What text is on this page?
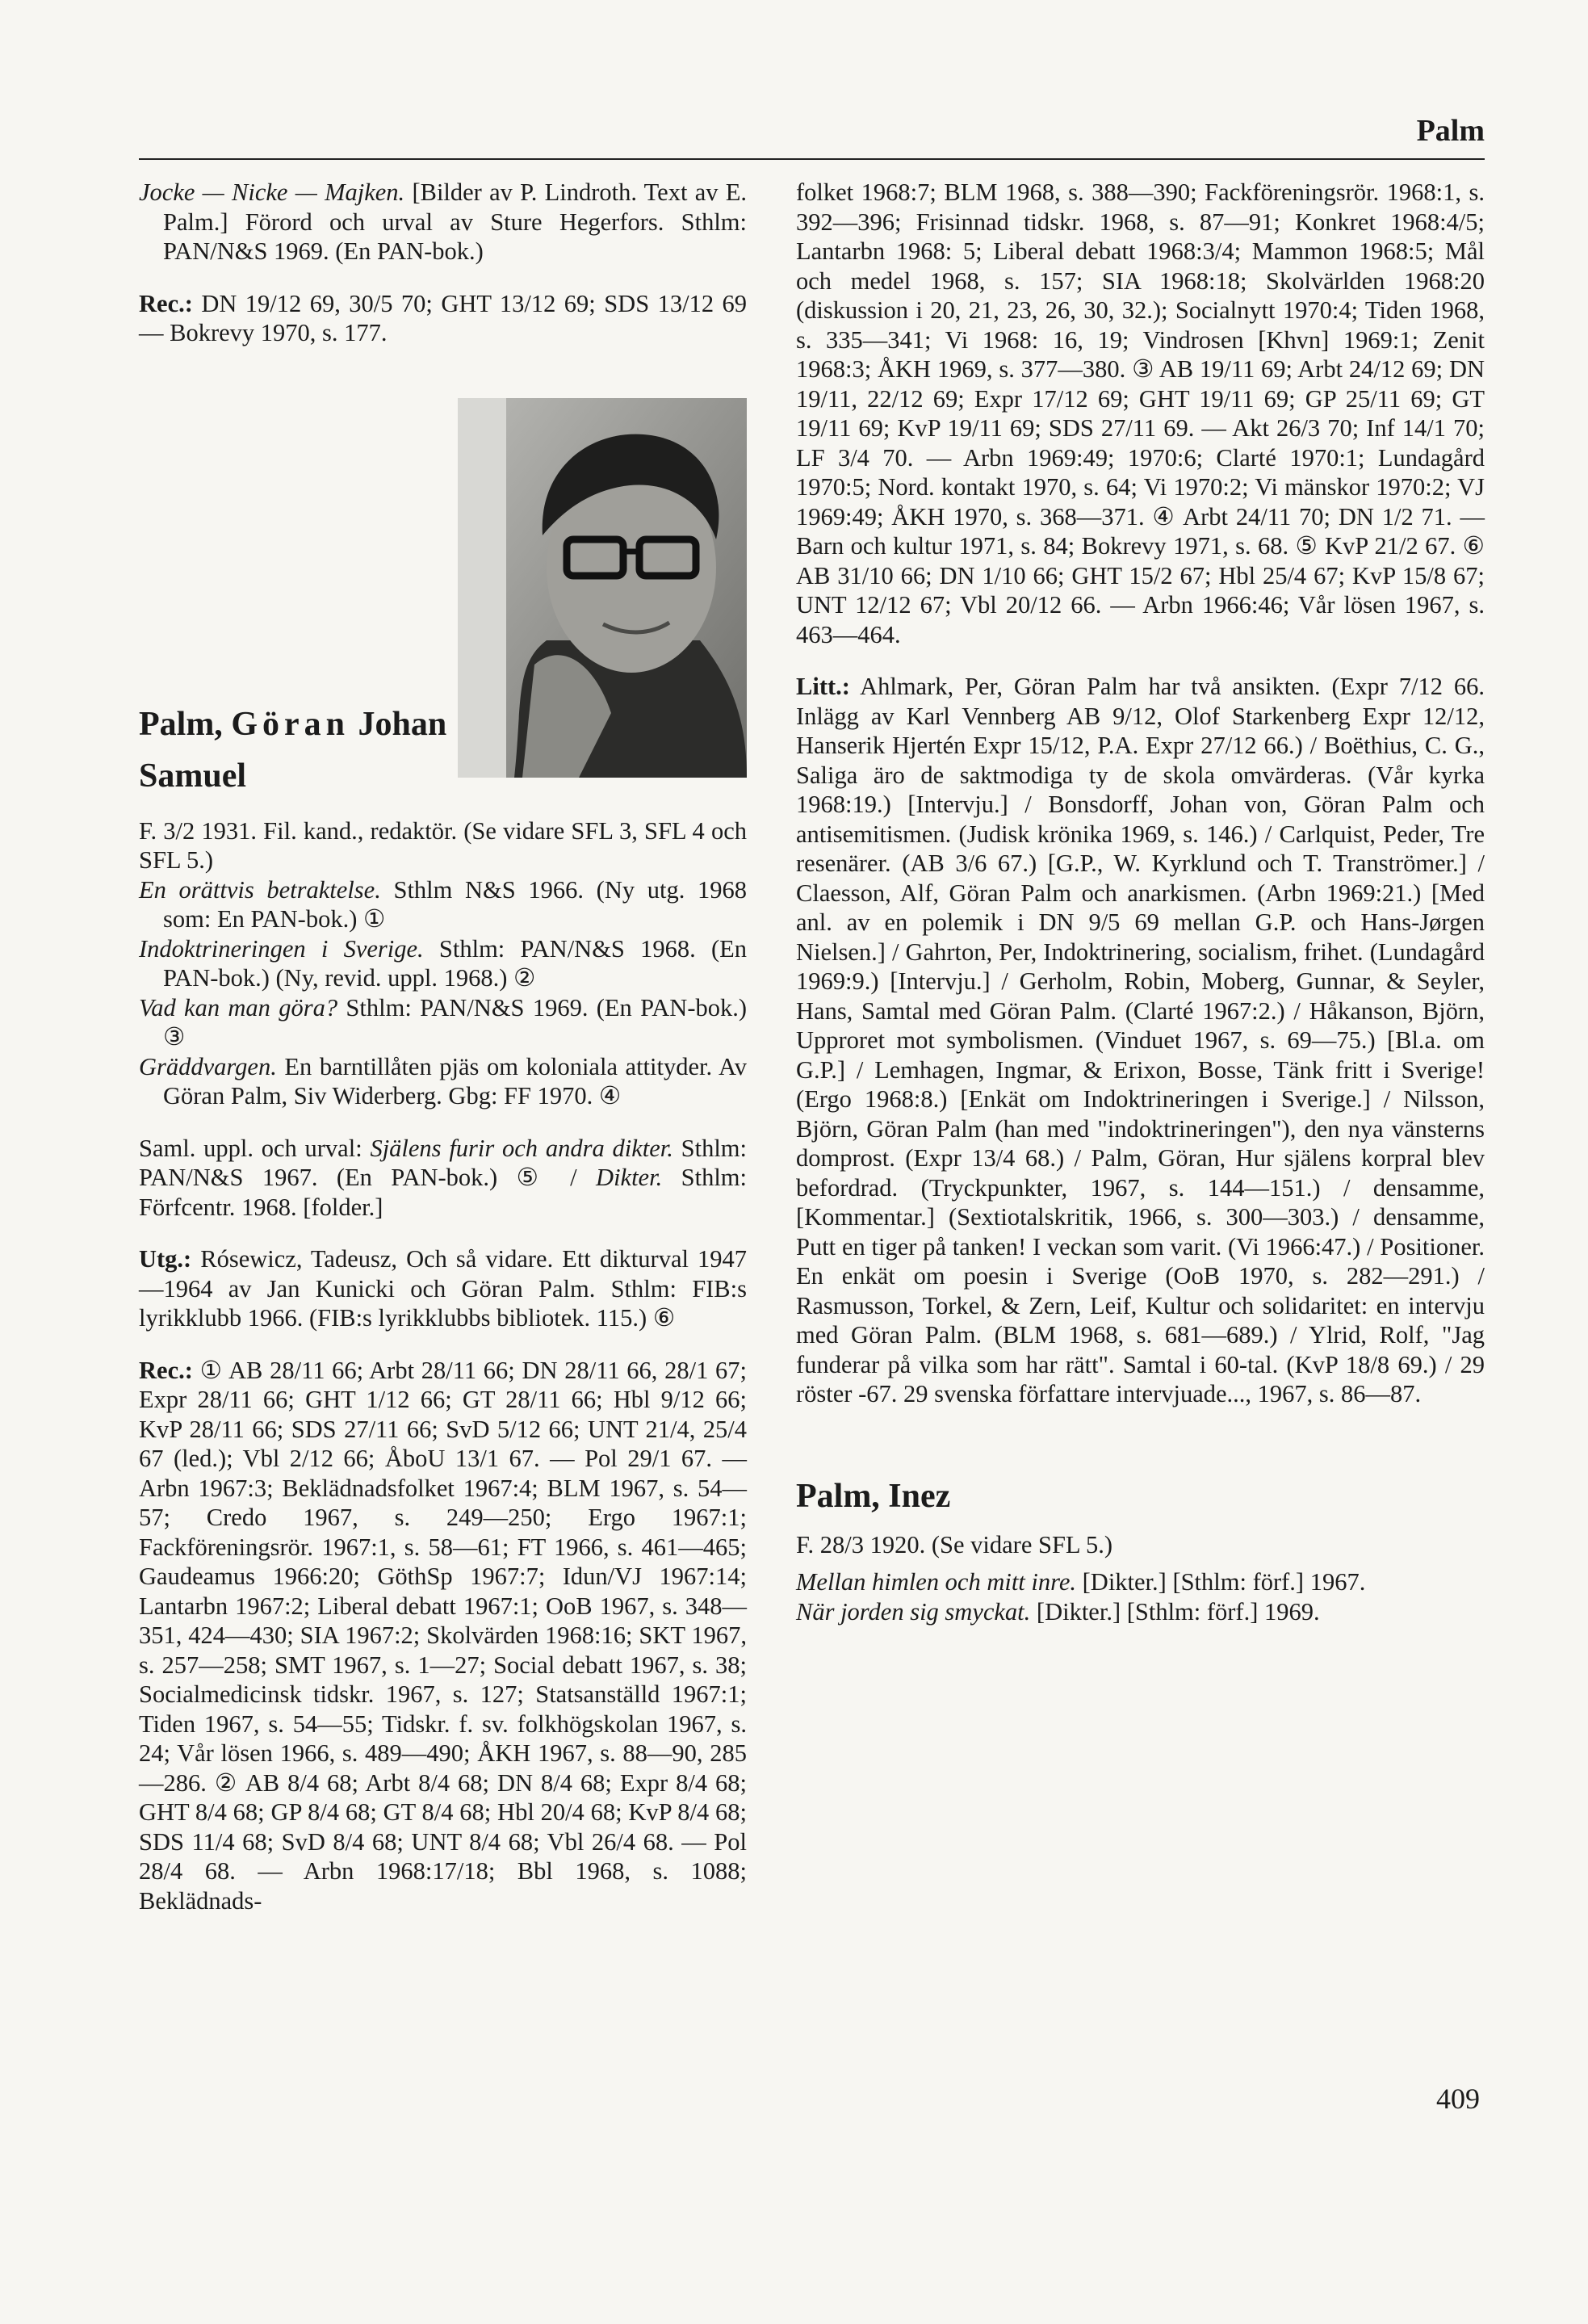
Palm

Jocke — Nicke — Majken. [Bilder av P. Lindroth. Text av E. Palm.] Förord och urval av Sture Hegerfors. Sthlm: PAN/N&S 1969. (En PAN-bok.)

Rec.: DN 19/12 69, 30/5 70; GHT 13/12 69; SDS 13/12 69 — Bokrevy 1970, s. 177.

Palm, Göran Johan
Samuel

F. 3/2 1931. Fil. kand., redaktör. (Se vidare SFL 3, SFL 4 och SFL 5.)

En orättvis betraktelse. Sthlm N&S 1966. (Ny utg. 1968 som: En PAN-bok.) ①

Indoktrineringen i Sverige. Sthlm: PAN/N&S 1968. (En PAN-bok.) (Ny, revid. uppl. 1968.) ②

Vad kan man göra? Sthlm: PAN/N&S 1969. (En PAN-bok.) ③

Gräddvargen. En barntillåten pjäs om koloniala attityder. Av Göran Palm, Siv Widerberg. Gbg: FF 1970. ④

Saml. uppl. och urval: Själens furir och andra dikter. Sthlm: PAN/N&S 1967. (En PAN-bok.) ⑤ / Dikter. Sthlm: Förfcentr. 1968. [folder.]

Utg.: Rósewicz, Tadeusz, Och så vidare. Ett dikturval 1947—1964 av Jan Kunicki och Göran Palm. Sthlm: FIB:s lyrikklubb 1966. (FIB:s lyrikklubbs bibliotek. 115.) ⑥

Rec.: ① AB 28/11 66; Arbt 28/11 66; DN 28/11 66, 28/1 67; Expr 28/11 66; GHT 1/12 66; GT 28/11 66; Hbl 9/12 66; KvP 28/11 66; SDS 27/11 66; SvD 5/12 66; UNT 21/4, 25/4 67 (led.); Vbl 2/12 66; ÅboU 13/1 67. — Pol 29/1 67. — Arbn 1967:3; Beklädnadsfolket 1967:4; BLM 1967, s. 54—57; Credo 1967, s. 249—250; Ergo 1967:1; Fackföreningsrör. 1967:1, s. 58—61; FT 1966, s. 461—465; Gaudeamus 1966:20; GöthSp 1967:7; Idun/VJ 1967:14; Lantarbn 1967:2; Liberal debatt 1967:1; OoB 1967, s. 348—351, 424—430; SIA 1967:2; Skolvärden 1968:16; SKT 1967, s. 257—258; SMT 1967, s. 1—27; Social debatt 1967, s. 38; Socialmedicinsk tidskr. 1967, s. 127; Statsanställd 1967:1; Tiden 1967, s. 54—55; Tidskr. f. sv. folkhögskolan 1967, s. 24; Vår lösen 1966, s. 489—490; ÅKH 1967, s. 88—90, 285—286. ② AB 8/4 68; Arbt 8/4 68; DN 8/4 68; Expr 8/4 68; GHT 8/4 68; GP 8/4 68; GT 8/4 68; Hbl 20/4 68; KvP 8/4 68; SDS 11/4 68; SvD 8/4 68; UNT 8/4 68; Vbl 26/4 68. — Pol 28/4 68. — Arbn 1968:17/18; Bbl 1968, s. 1088; Beklädnads-

folket 1968:7; BLM 1968, s. 388—390; Fackföreningsrör. 1968:1, s. 392—396; Frisinnad tidskr. 1968, s. 87—91; Konkret 1968:4/5; Lantarbn 1968: 5; Liberal debatt 1968:3/4; Mammon 1968:5; Mål och medel 1968, s. 157; SIA 1968:18; Skolvärlden 1968:20 (diskussion i 20, 21, 23, 26, 30, 32.); Socialnytt 1970:4; Tiden 1968, s. 335—341; Vi 1968: 16, 19; Vindrosen [Khvn] 1969:1; Zenit 1968:3; ÅKH 1969, s. 377—380. ③ AB 19/11 69; Arbt 24/12 69; DN 19/11, 22/12 69; Expr 17/12 69; GHT 19/11 69; GP 25/11 69; GT 19/11 69; KvP 19/11 69; SDS 27/11 69. — Akt 26/3 70; Inf 14/1 70; LF 3/4 70. — Arbn 1969:49; 1970:6; Clarté 1970:1; Lundagård 1970:5; Nord. kontakt 1970, s. 64; Vi 1970:2; Vi mänskor 1970:2; VJ 1969:49; ÅKH 1970, s. 368—371. ④ Arbt 24/11 70; DN 1/2 71. — Barn och kultur 1971, s. 84; Bokrevy 1971, s. 68. ⑤ KvP 21/2 67. ⑥ AB 31/10 66; DN 1/10 66; GHT 15/2 67; Hbl 25/4 67; KvP 15/8 67; UNT 12/12 67; Vbl 20/12 66. — Arbn 1966:46; Vår lösen 1967, s. 463—464.

Litt.: Ahlmark, Per, Göran Palm har två ansikten. (Expr 7/12 66. Inlägg av Karl Vennberg AB 9/12, Olof Starkenberg Expr 12/12, Hanserik Hjertén Expr 15/12, P.A. Expr 27/12 66.) / Boëthius, C. G., Saliga äro de saktmodiga ty de skola omvärderas. (Vår kyrka 1968:19.) [Intervju.] / Bonsdorff, Johan von, Göran Palm och antisemitismen. (Judisk krönika 1969, s. 146.) / Carlquist, Peder, Tre resenärer. (AB 3/6 67.) [G.P., W. Kyrklund och T. Tranströmer.] / Claesson, Alf, Göran Palm och anarkismen. (Arbn 1969:21.) [Med anl. av en polemik i DN 9/5 69 mellan G.P. och Hans-Jørgen Nielsen.] / Gahrton, Per, Indoktrinering, socialism, frihet. (Lundagård 1969:9.) [Intervju.] / Gerholm, Robin, Moberg, Gunnar, & Seyler, Hans, Samtal med Göran Palm. (Clarté 1967:2.) / Håkanson, Björn, Upproret mot symbolismen. (Vinduet 1967, s. 69—75.) [Bl.a. om G.P.] / Lemhagen, Ingmar, & Erixon, Bosse, Tänk fritt i Sverige! (Ergo 1968:8.) [Enkät om Indoktrineringen i Sverige.] / Nilsson, Björn, Göran Palm (han med "indoktrineringen"), den nya vänsterns domprost. (Expr 13/4 68.) / Palm, Göran, Hur själens korpral blev befordrad. (Tryckpunkter, 1967, s. 144—151.) / densamme, [Kommentar.] (Sextiotalskritik, 1966, s. 300—303.) / densamme, Putt en tiger på tanken! I veckan som varit. (Vi 1966:47.) / Positioner. En enkät om poesin i Sverige (OoB 1970, s. 282—291.) / Rasmusson, Torkel, & Zern, Leif, Kultur och solidaritet: en intervju med Göran Palm. (BLM 1968, s. 681—689.) / Ylrid, Rolf, "Jag funderar på vilka som har rätt". Samtal i 60-tal. (KvP 18/8 69.) / 29 röster -67. 29 svenska författare intervjuade..., 1967, s. 86—87.

Palm, Inez

F. 28/3 1920. (Se vidare SFL 5.)

Mellan himlen och mitt inre. [Dikter.] [Sthlm: förf.] 1967.

När jorden sig smyckat. [Dikter.] [Sthlm: förf.] 1969.

409
